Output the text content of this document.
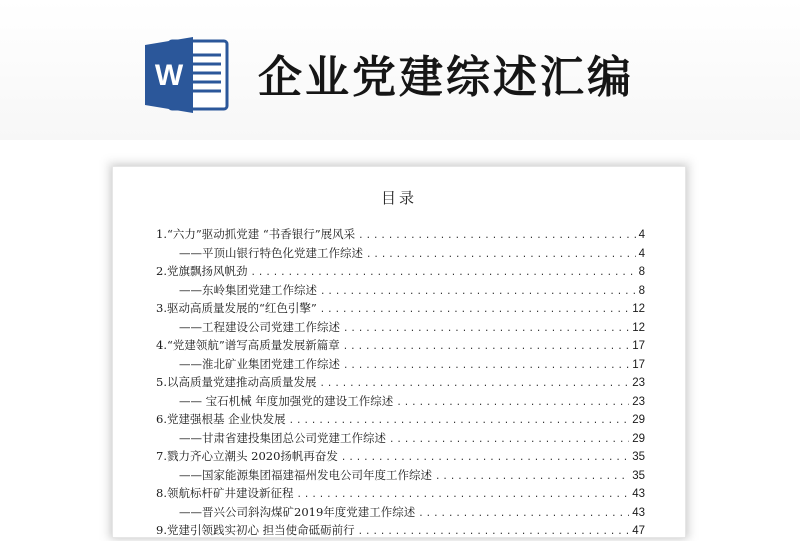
W 企业党建综述汇编
目录
1.“六力”驱动抓党建 “书香银行”展风采 .....	4
——平顶山银行特色化党建工作综述 .....	4
2.党旗飘扬风帆劲 .....	8
——东岭集团党建工作综述 .....	8
3.驱动高质量发展的“红色引擎” .....	12
——工程建设公司党建工作综述 .....	12
4.“党建领航”谱写高质量发展新篇章 .....	17
——淮北矿业集团党建工作综述 .....	17
5.以高质量党建推动高质量发展 .....	23
—— 宝石机械 年度加强党的建设工作综述 .....	23
6.党建强根基 企业快发展 .....	29
——甘肃省建投集团总公司党建工作综述 .....	29
7.戮力齐心立潮头 2020扬帆再奋发 .....	35
——国家能源集团福建福州发电公司年度工作综述 .....	35
8.领航标杆矿井建设新征程 .....	43
——晋兴公司斜沟煤矿2019年度党建工作综述 .....	43
9.党建引领践实初心 担当使命砥砺前行 .....	47
